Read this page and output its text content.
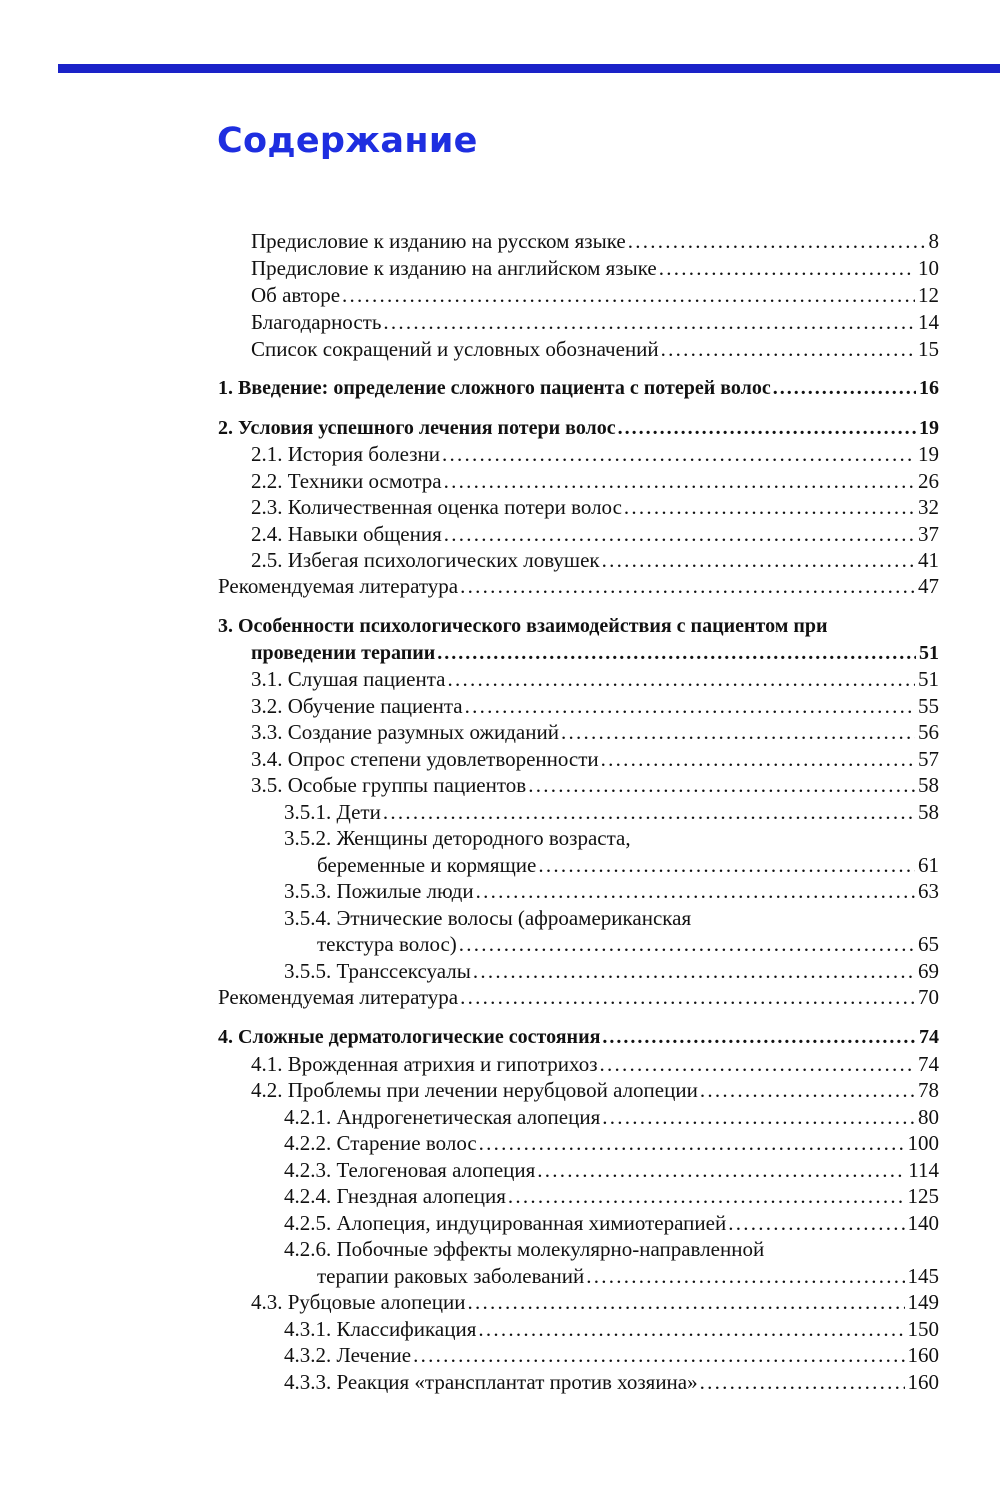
Содержание
Предисловие к изданию на русском языке . . .	8
Предисловие к изданию на английском языке . . .	10
Об авторе . . .	12
Благодарность . . .	14
Список сокращений и условных обозначений . . .	15
1. Введение: определение сложного пациента с потерей волос . . .	16
2. Условия успешного лечения потери волос . . .	19
2.1. История болезни . . .	19
2.2. Техники осмотра . . .	26
2.3. Количественная оценка потери волос . . .	32
2.4. Навыки общения . . .	37
2.5. Избегая психологических ловушек . . .	41
Рекомендуемая литература . . .	47
3. Особенности психологического взаимодействия с пациентом при
проведении терапии . . .	51
3.1. Слушая пациента . . .	51
3.2. Обучение пациента . . .	55
3.3. Создание разумных ожиданий . . .	56
3.4. Опрос степени удовлетворенности . . .	57
3.5. Особые группы пациентов . . .	58
3.5.1. Дети . . .	58
3.5.2. Женщины детородного возраста,
беременные и кормящие . . .	61
3.5.3. Пожилые люди . . .	63
3.5.4. Этнические волосы (афроамериканская
текстура волос) . . .	65
3.5.5. Транссексуалы . . .	69
Рекомендуемая литература . . .	70
4. Сложные дерматологические состояния . . .	74
4.1. Врожденная атрихия и гипотрихоз . . .	74
4.2. Проблемы при лечении нерубцовой алопеции . . .	78
4.2.1. Андрогенетическая алопеция . . .	80
4.2.2. Старение волос . . .	100
4.2.3. Телогеновая алопеция . . .	114
4.2.4. Гнездная алопеция . . .	125
4.2.5. Алопеция, индуцированная химиотерапией . . .	140
4.2.6. Побочные эффекты молекулярно-направленной
терапии раковых заболеваний . . .	145
4.3. Рубцовые алопеции . . .	149
4.3.1. Классификация . . .	150
4.3.2. Лечение . . .	160
4.3.3. Реакция «трансплантат против хозяина» . . .	160
